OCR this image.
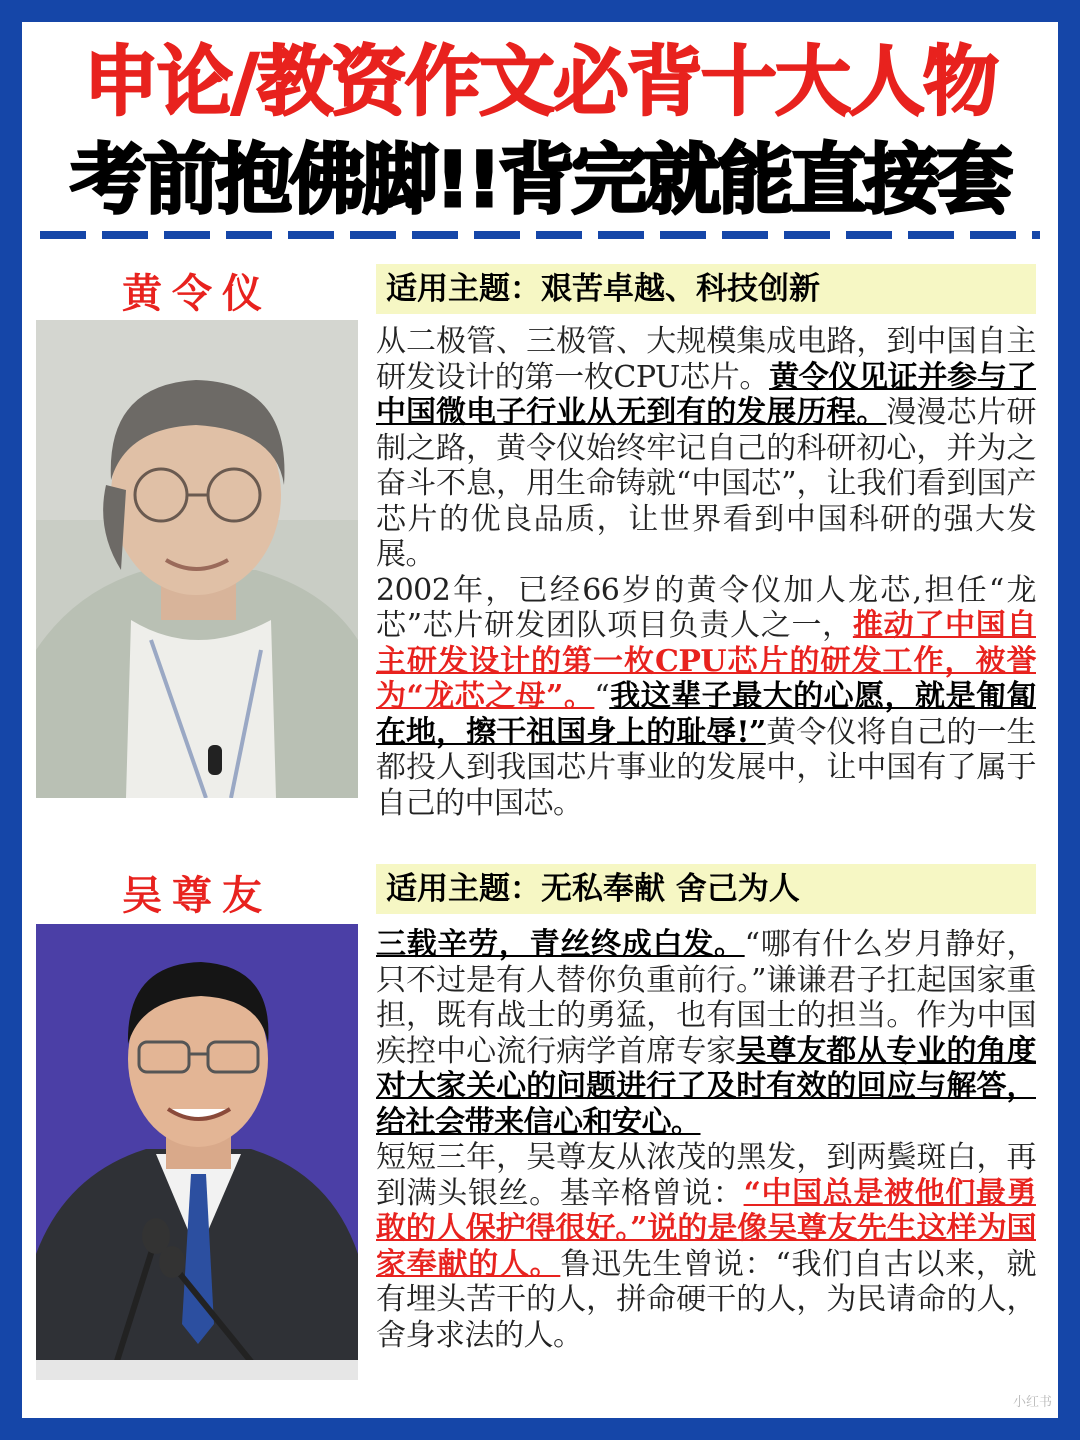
申论/教资作文必背十大人物
考前抱佛脚!!背完就能直接套
黄令仪	适用主题：艰苦卓越、科技创新
从二极管、三极管、大规模集成电路，到中国自主研发设计的第一枚CPU芯片。黄令仪见证并参与了中国微电子行业从无到有的发展历程。漫漫芯片研制之路，黄令仪始终牢记自己的科研初心，并为之奋斗不息，用生命铸就“中国芯”，让我们看到国产芯片的优良品质，让世界看到中国科研的强大发展。
2002年，已经66岁的黄令仪加人龙芯,担任“龙芯”芯片研发团队项目负责人之一，推动了中国自主研发设计的第一枚CPU芯片的研发工作，被誉为“龙芯之母”。“我这辈子最大的心愿，就是匍匐在地，擦干祖国身上的耻辱!”黄令仪将自己的一生都投人到我国芯片事业的发展中，让中国有了属于自己的中国芯。
吴尊友	适用主题：无私奉献 舍己为人
三载辛劳，青丝终成白发。“哪有什么岁月静好，只不过是有人替你负重前行。”谦谦君子扛起国家重担，既有战士的勇猛，也有国士的担当。作为中国疾控中心流行病学首席专家吴尊友都从专业的角度对大家关心的问题进行了及时有效的回应与解答，给社会带来信心和安心。
短短三年，吴尊友从浓茂的黑发，到两鬓斑白，再到满头银丝。基辛格曾说：“中国总是被他们最勇敢的人保护得很好。”说的是像吴尊友先生这样为国家奉献的人。鲁迅先生曾说：“我们自古以来，就有埋头苦干的人，拼命硬干的人，为民请命的人，舍身求法的人。
小红书
